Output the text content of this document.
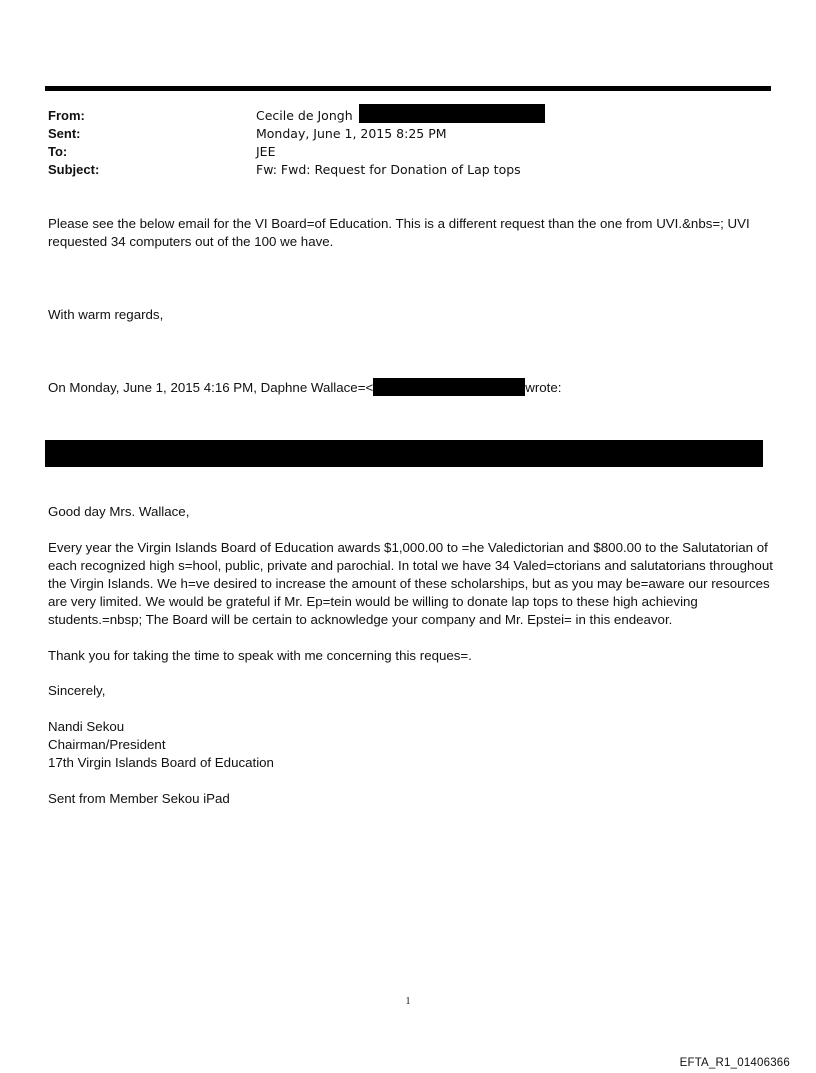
From:	Cecile de Jongh
Sent:	Monday, June 1, 2015 8:25 PM
To:	JEE
Subject:	Fw: Fwd: Request for Donation of Lap tops

Please see the below email for the VI Board=of Education. This is a different request than the one from UVI.&nbs=; UVI requested 34 computers out of the 100 we have.

With warm regards,

On Monday, June 1, 2015 4:16 PM, Daphne Wallace=<	wrote:

Good day Mrs. Wallace,

Every year the Virgin Islands Board of Education awards $1,000.00 to =he Valedictorian and $800.00 to the Salutatorian of each recognized high s=hool, public, private and parochial. In total we have 34 Valed=ctorians and salutatorians throughout the Virgin Islands. We h=ve desired to increase the amount of these scholarships, but as you may be=aware our resources are very limited. We would be grateful if Mr. Ep=tein would be willing to donate lap tops to these high achieving students.=nbsp; The Board will be certain to acknowledge your company and Mr. Epstei= in this endeavor.

Thank you for taking the time to speak with me concerning this reques=.

Sincerely,

Nandi Sekou

Chairman/President

17th Virgin Islands Board of Education

Sent from Member Sekou iPad

1
EFTA_R1_01406366
